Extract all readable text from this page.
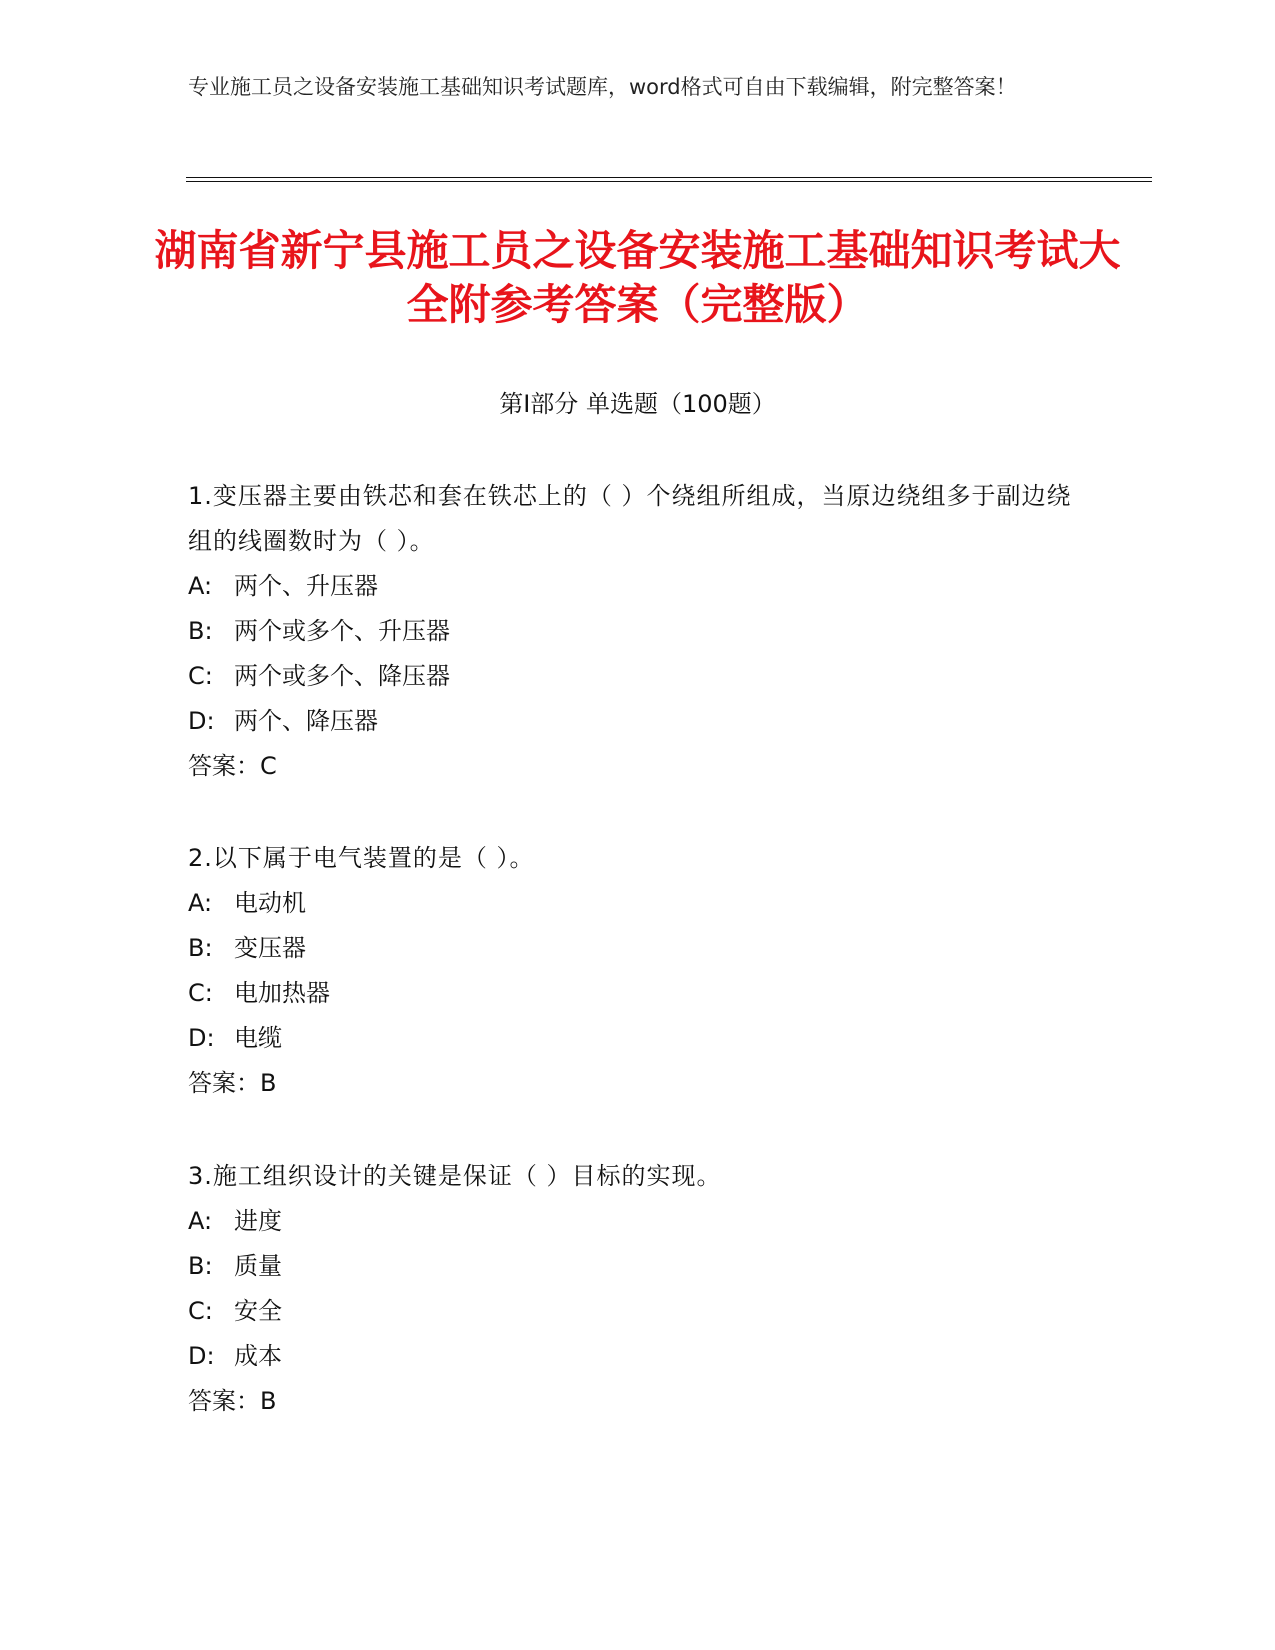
专业施工员之设备安装施工基础知识考试题库，word格式可自由下载编辑，附完整答案！
湖南省新宁县施工员之设备安装施工基础知识考试大全附参考答案（完整版）
第Ⅰ部分 单选题（100题）
1.变压器主要由铁芯和套在铁芯上的（ ）个绕组所组成，当原边绕组多于副边绕组的线圈数时为（ ）。
A: 两个、升压器
B: 两个或多个、升压器
C: 两个或多个、降压器
D: 两个、降压器
答案：C
2.以下属于电气装置的是（ ）。
A: 电动机
B: 变压器
C: 电加热器
D: 电缆
答案：B
3.施工组织设计的关键是保证（ ）目标的实现。
A: 进度
B: 质量
C: 安全
D: 成本
答案：B
